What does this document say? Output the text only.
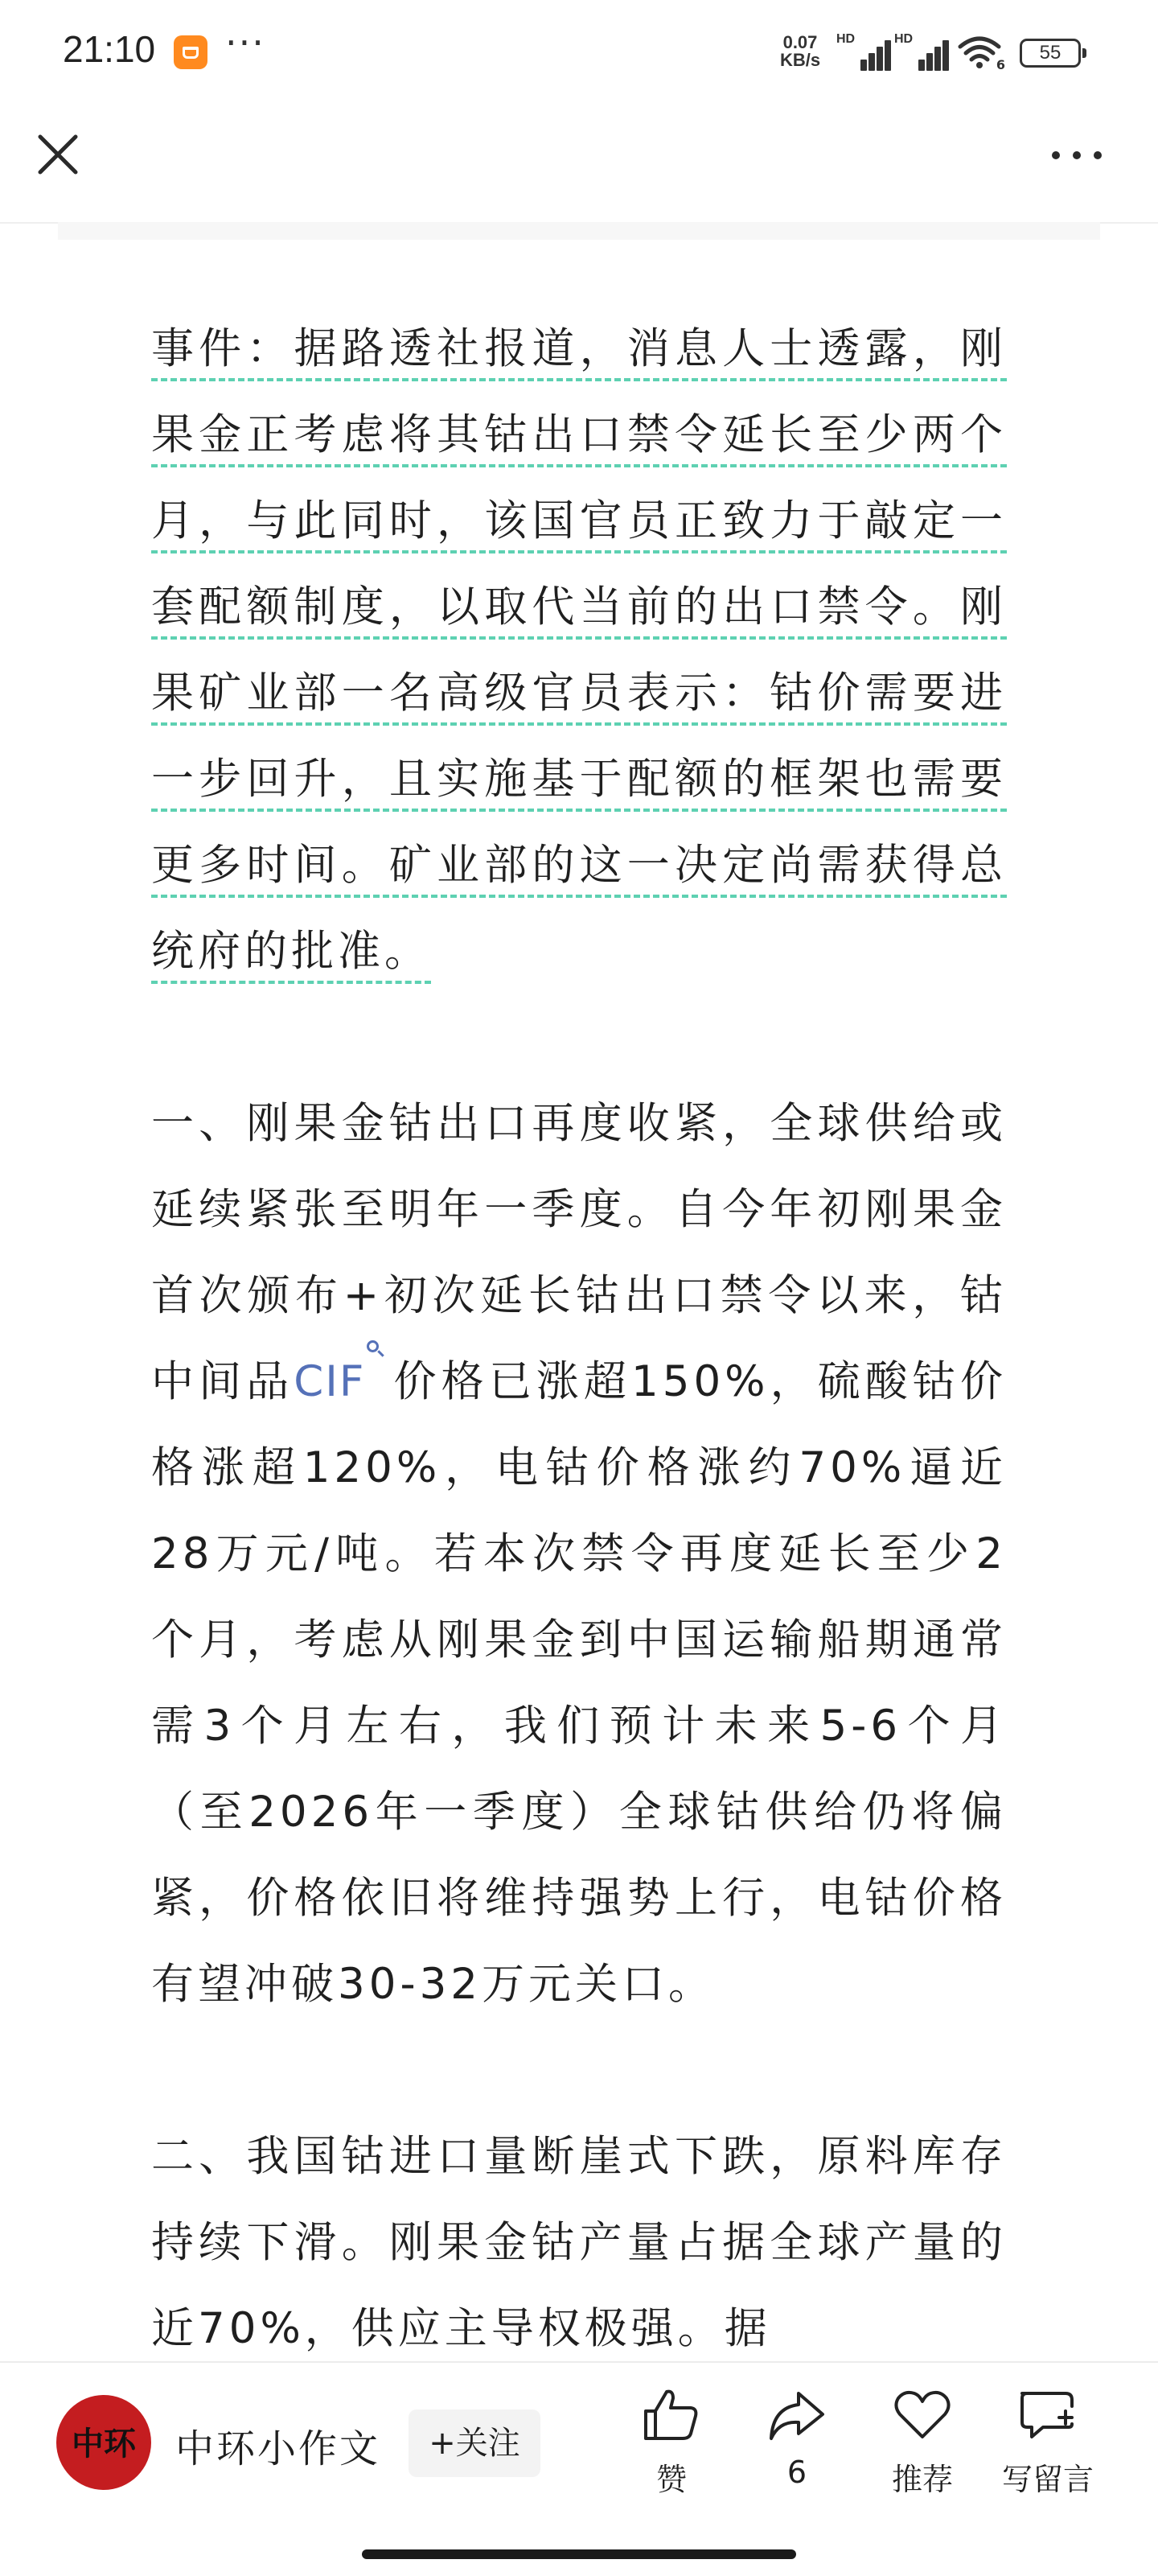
21:10 ···	0.07
KB/s
HD	HD
6
55

事件：据路透社报道，消息人士透露，刚果金正考虑将其钴出口禁令延长至少两个月，与此同时，该国官员正致力于敲定一套配额制度，以取代当前的出口禁令。刚果矿业部一名高级官员表示：钴价需要进一步回升，且实施基于配额的框架也需要更多时间。矿业部的这一决定尚需获得总统府的批准。

一、刚果金钴出口再度收紧，全球供给或延续紧张至明年一季度。自今年初刚果金首次颁布+初次延长钴出口禁令以来，钴中间品CIF 价格已涨超150%，硫酸钴价格涨超120%，电钴价格涨约70%逼近28万元/吨。若本次禁令再度延长至少2个月，考虑从刚果金到中国运输船期通常需3个月左右，我们预计未来5-6个月（至2026年一季度）全球钴供给仍将偏紧，价格依旧将维持强势上行，电钴价格有望冲破30-32万元关口。

二、我国钴进口量断崖式下跌，原料库存持续下滑。刚果金钴产量占据全球产量的近70%，供应主导权极强。据

中环 中环小作文	+关注
赞	6	推荐	写留言
